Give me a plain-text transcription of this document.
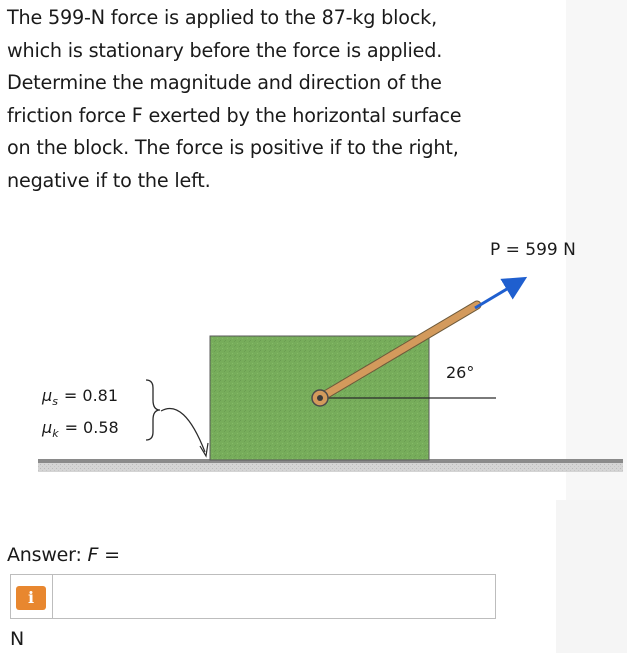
The 599-N force is applied to the 87-kg block,
which is stationary before the force is applied.
Determine the magnitude and direction of the
friction force F exerted by the horizontal surface
on the block. The force is positive if to the right,
negative if to the left.

P = 599 N
26°
$\mu_s = 0.81$
$\mu_k = 0.58$
Answer: F =
i
N
